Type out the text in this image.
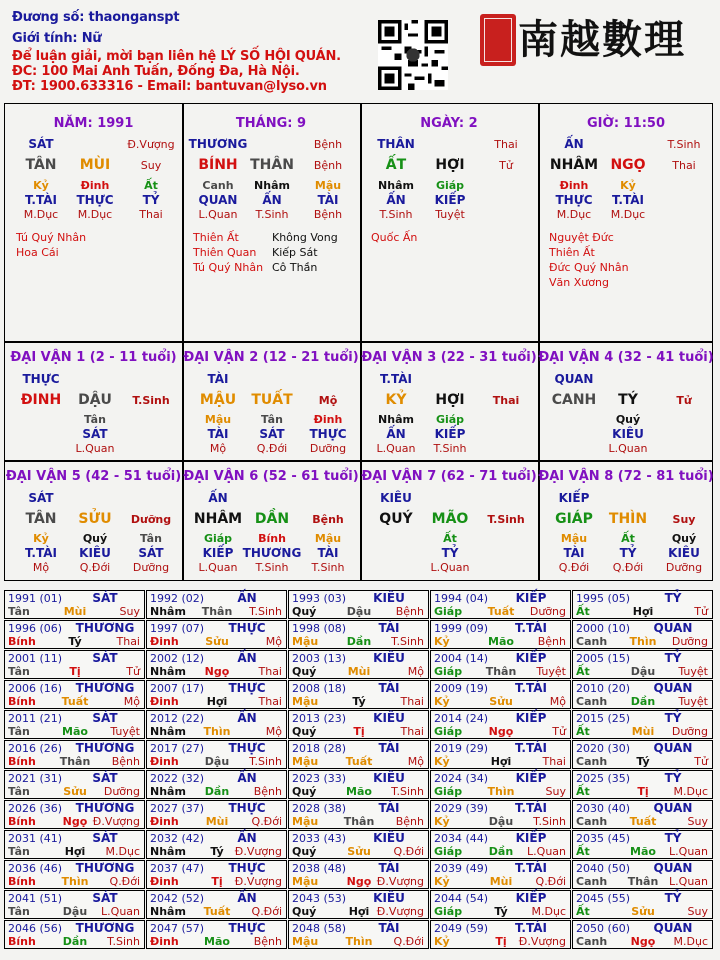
Đương số: thaonganspt
Giới tính: Nữ
Để luận giải, mời bạn liên hệ LÝ SỐ HỘI QUÁN.
ĐC: 100 Mai Anh Tuấn, Đống Đa, Hà Nội.
ĐT: 1900.633316 - Email: bantuvan@lyso.vn
南越數理
NĂM: 1991
SÁT	Đ.Vượng
TÂN MÙI	Suy
Kỷ	Đinh	Ất
T.TÀI THỰC TỶ
M.Dục M.Dục Thai
Tú Quý Nhân
Hoa Cái
THÁNG: 9
THƯƠNG	Bệnh
BÍNH THÂN Bệnh
Canh Nhâm Mậu
QUAN ẤN	TÀI
L.Quan T.Sinh Bệnh
Thiên Ất
Thiên Quan
Tú Quý Nhân
Không Vong
Kiếp Sát
Cô Thần
NGÀY: 2
THÂN	Thai
ẤT HỢI	Tử
Nhâm Giáp
ẤN KIẾP
T.Sinh Tuyệt
Quốc Ấn
GIỜ: 11:50
ẤN	T.Sinh
NHÂM NGỌ Thai
Đinh	Kỷ
THỰC T.TÀI
M.Dục M.Dục
Nguyệt Đức
Thiên Ất
Đức Quý Nhân
Văn Xương
ĐẠI VẬN 1 (2 - 11 tuổi)
THỰC
ĐINH DẬU T.Sinh
Tân
SÁT
L.Quan
ĐẠI VẬN 2 (12 - 21 tuổi)
TÀI
MẬU TUẤT Mộ
Mậu	Tân	Đinh
TÀI	SÁT THỰC
Mộ	Q.Đới Dưỡng
ĐẠI VẬN 3 (22 - 31 tuổi)
T.TÀI
KỶ HỢI	Thai
Nhâm Giáp
ẤN KIẾP
L.Quan T.Sinh
ĐẠI VẬN 4 (32 - 41 tuổi)
QUAN
CANH TÝ	Tử
Quý
KIÊU
L.Quan
ĐẠI VẬN 5 (42 - 51 tuổi)
SÁT
TÂN SỬU Dưỡng
Kỷ	Quý	Tân
T.TÀI KIÊU SÁT
Mộ	Q.Đới Dưỡng
ĐẠI VẬN 6 (52 - 61 tuổi)
ẤN
NHÂM DẦN Bệnh
Giáp Bính	Mậu
KIẾP THƯƠNG TÀI
L.Quan T.Sinh T.Sinh
ĐẠI VẬN 7 (62 - 71 tuổi)
KIÊU
QUÝ MÃO T.Sinh
Ất
TỶ
L.Quan
ĐẠI VẬN 8 (72 - 81 tuổi)
KIẾP
GIÁP THÌN Suy
Mậu	Ất	Quý
TÀI	TỶ	KIÊU
Q.Đới Q.Đới Dưỡng
1991 (01)	SÁT
Tân	Mùi	Suy
1992 (02)	ẤN
Nhâm	Thân	T.Sinh
1993 (03)	KIÊU
Quý	Dậu	Bệnh
1994 (04)	KIẾP
Giáp	Tuất	Dưỡng
1995 (05)	TỶ
Ất	Hợi	Tử
1996 (06)	THƯƠNG
Bính	Tý	Thai
1997 (07)	THỰC
Đinh	Sửu	Mộ
1998 (08)	TÀI
Mậu	Dần	T.Sinh
1999 (09)	T.TÀI
Kỷ	Mão	Bệnh
2000 (10)	QUAN
Canh	Thìn	Dưỡng
2001 (11)	SÁT
Tân	Tị	Tử
2002 (12)	ẤN
Nhâm	Ngọ	Thai
2003 (13)	KIÊU
Quý	Mùi	Mộ
2004 (14)	KIẾP
Giáp	Thân	Tuyệt
2005 (15)	TỶ
Ất	Dậu	Tuyệt
2006 (16)	THƯƠNG
Bính	Tuất	Mộ
2007 (17)	THỰC
Đinh	Hợi	Thai
2008 (18)	TÀI
Mậu	Tý	Thai
2009 (19)	T.TÀI
Kỷ	Sửu	Mộ
2010 (20)	QUAN
Canh	Dần	Tuyệt
2011 (21)	SÁT
Tân	Mão	Tuyệt
2012 (22)	ẤN
Nhâm	Thìn	Mộ
2013 (23)	KIÊU
Quý	Tị	Thai
2014 (24)	KIẾP
Giáp	Ngọ	Tử
2015 (25)	TỶ
Ất	Mùi	Dưỡng
2016 (26)	THƯƠNG
Bính	Thân	Bệnh
2017 (27)	THỰC
Đinh	Dậu	T.Sinh
2018 (28)	TÀI
Mậu	Tuất	Mộ
2019 (29)	T.TÀI
Kỷ	Hợi	Thai
2020 (30)	QUAN
Canh	Tý	Tử
2021 (31)	SÁT
Tân	Sửu	Dưỡng
2022 (32)	ẤN
Nhâm	Dần	Bệnh
2023 (33)	KIÊU
Quý	Mão	T.Sinh
2024 (34)	KIẾP
Giáp	Thìn	Suy
2025 (35)	TỶ
Ất	Tị	M.Dục
2026 (36)	THƯƠNG
Bính	Ngọ Đ.Vượng
2027 (37)	THỰC
Đinh	Mùi	Q.Đới
2028 (38)	TÀI
Mậu	Thân	Bệnh
2029 (39)	T.TÀI
Kỷ	Dậu	T.Sinh
2030 (40)	QUAN
Canh	Tuất	Suy
2031 (41)	SÁT
Tân	Hợi	M.Dục
2032 (42)	ẤN
Nhâm	Tý	Đ.Vượng
2033 (43)	KIÊU
Quý	Sửu	Q.Đới
2034 (44)	KIẾP
Giáp	Dần	L.Quan
2035 (45)	TỶ
Ất	Mão	L.Quan
2036 (46)	THƯƠNG
Bính	Thìn	Q.Đới
2037 (47)	THỰC
Đinh	Tị	Đ.Vượng
2038 (48)	TÀI
Mậu	Ngọ Đ.Vượng
2039 (49)	T.TÀI
Kỷ	Mùi	Q.Đới
2040 (50)	QUAN
Canh	Thân L.Quan
2041 (51)	SÁT
Tân	Dậu	L.Quan
2042 (52)	ẤN
Nhâm	Tuất	Q.Đới
2043 (53)	KIÊU
Quý	Hợi Đ.Vượng
2044 (54)	KIẾP
Giáp	Tý	M.Dục
2045 (55)	TỶ
Ất	Sửu	Suy
2046 (56)	THƯƠNG
Bính	Dần	T.Sinh
2047 (57)	THỰC
Đinh	Mão	Bệnh
2048 (58)	TÀI
Mậu	Thìn	Q.Đới
2049 (59)	T.TÀI
Kỷ	Tị	Đ.Vượng
2050 (60)	QUAN
Canh	Ngọ	M.Dục
